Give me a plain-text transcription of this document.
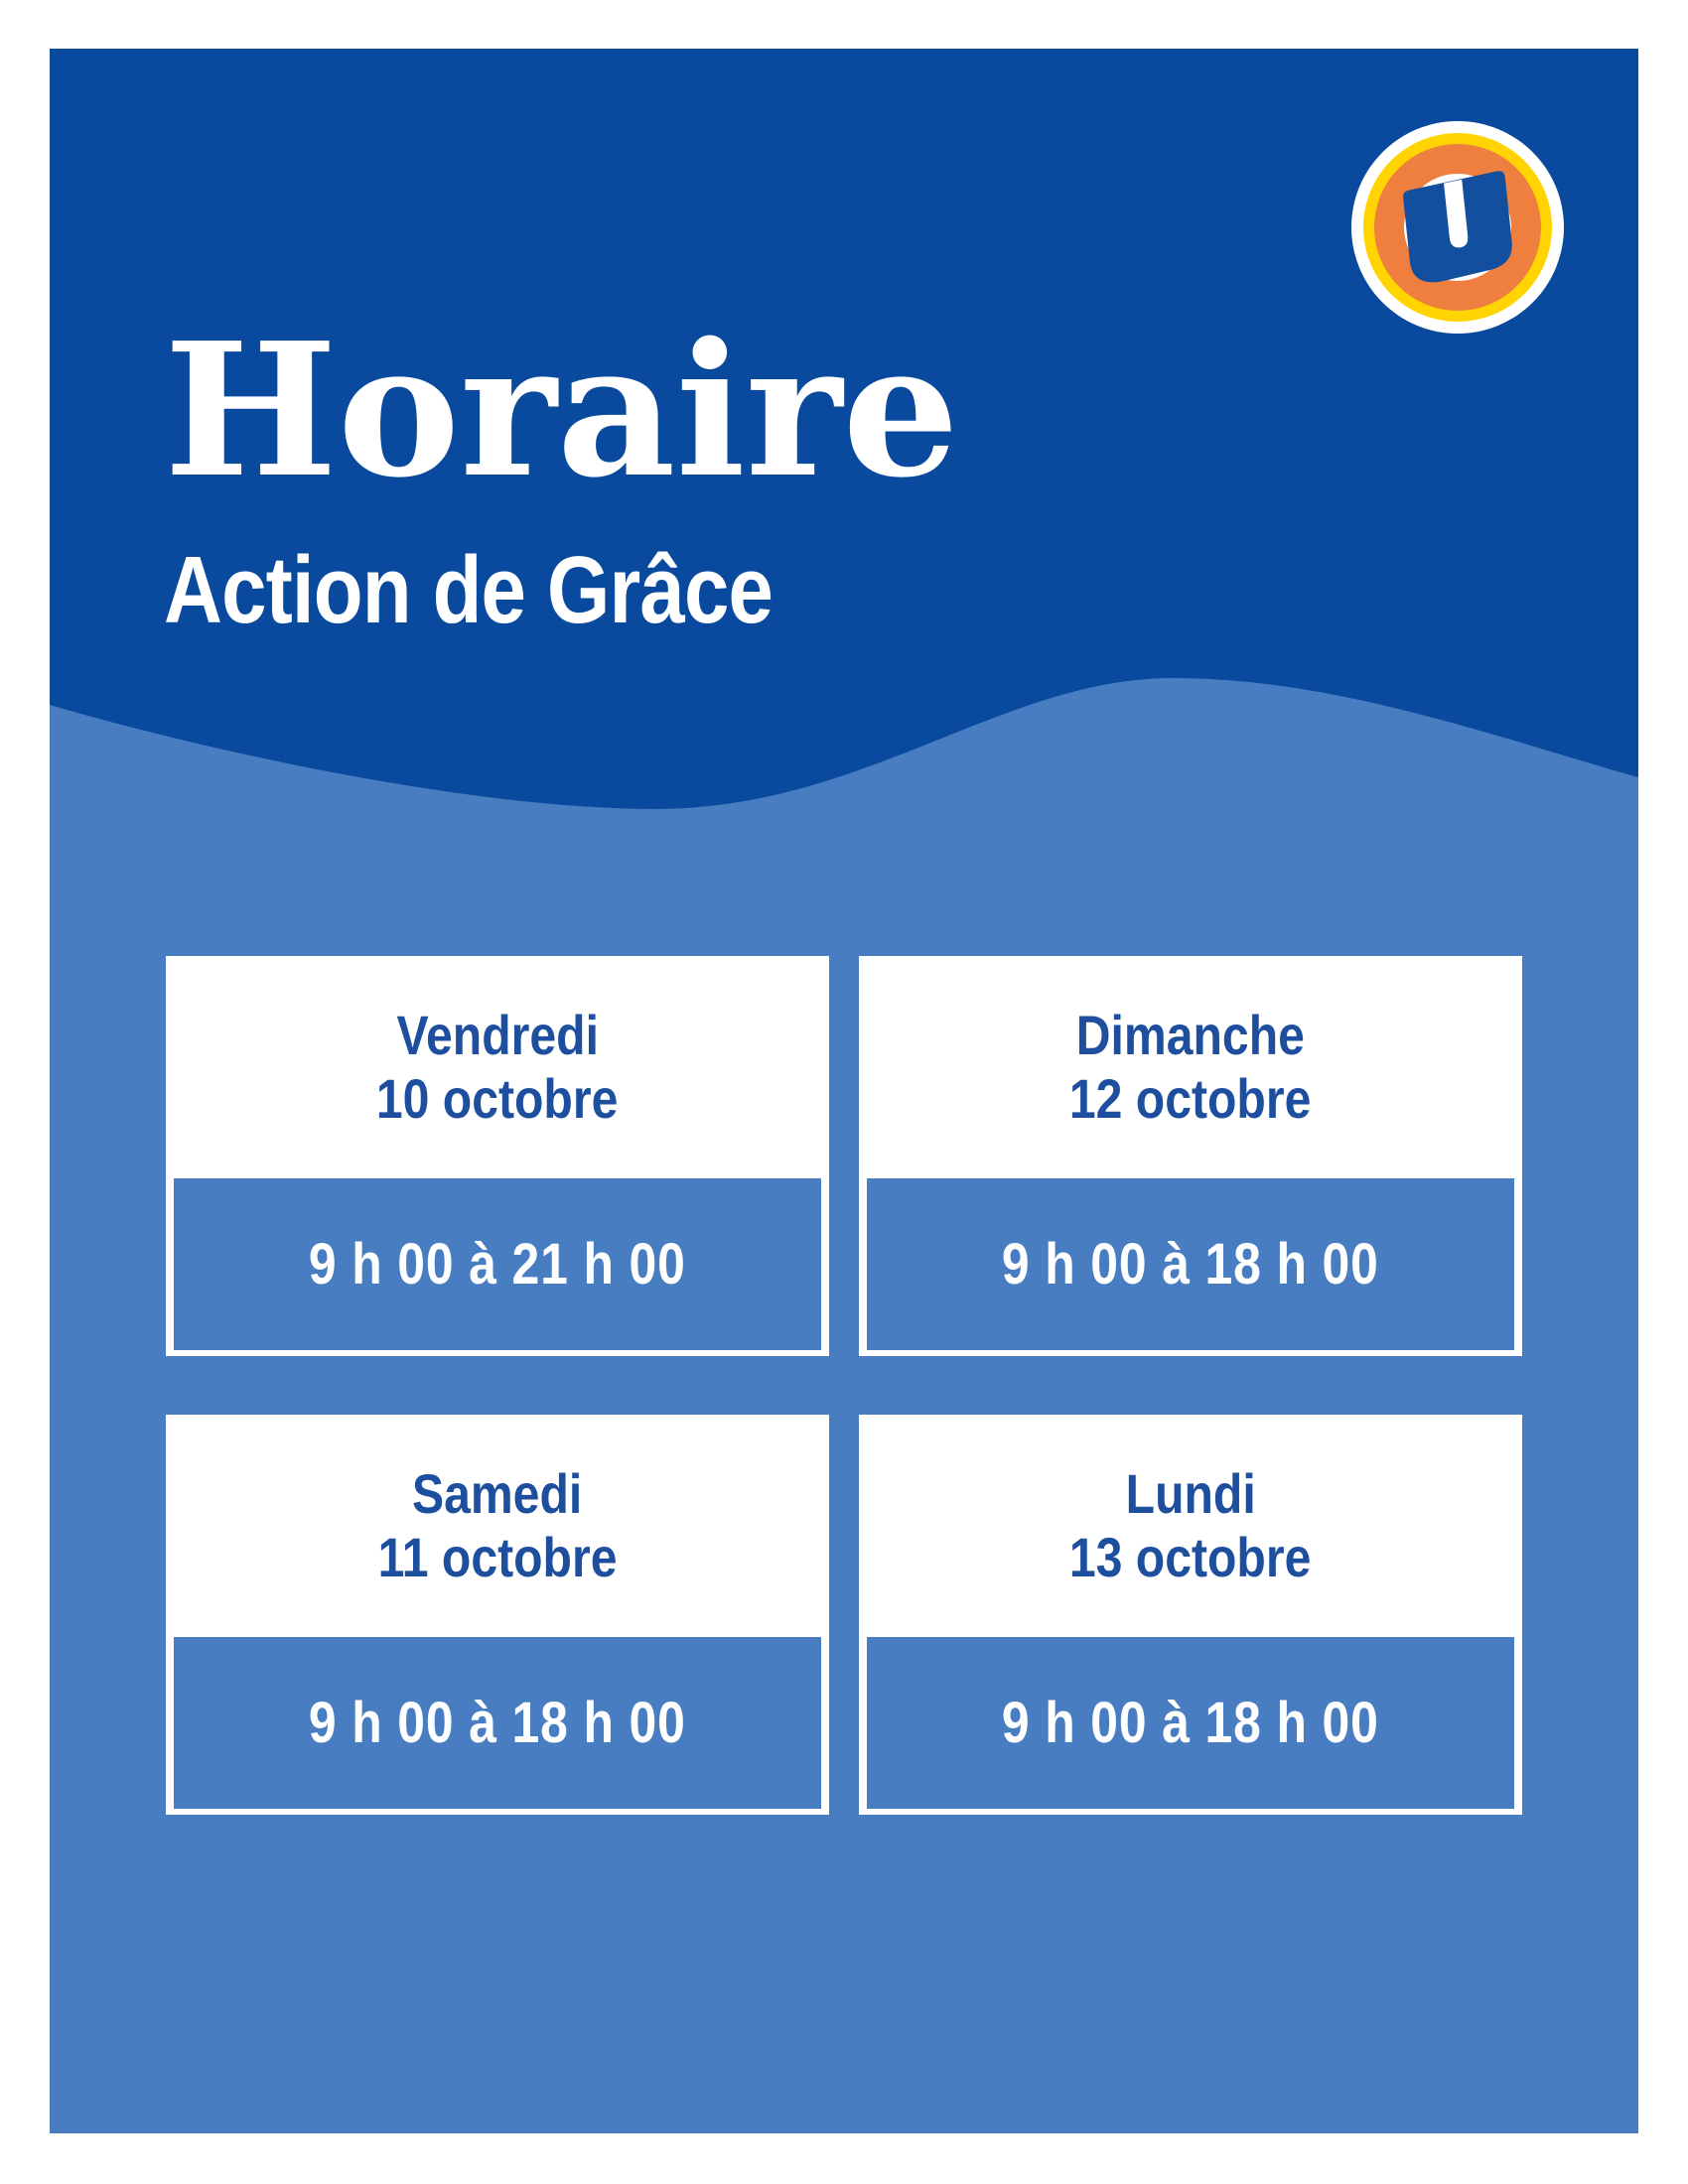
Horaire
Action de Grâce
Vendredi
10 octobre
9 h 00 à 21 h 00
Dimanche
12 octobre
9 h 00 à 18 h 00
Samedi
11 octobre
9 h 00 à 18 h 00
Lundi
13 octobre
9 h 00 à 18 h 00
